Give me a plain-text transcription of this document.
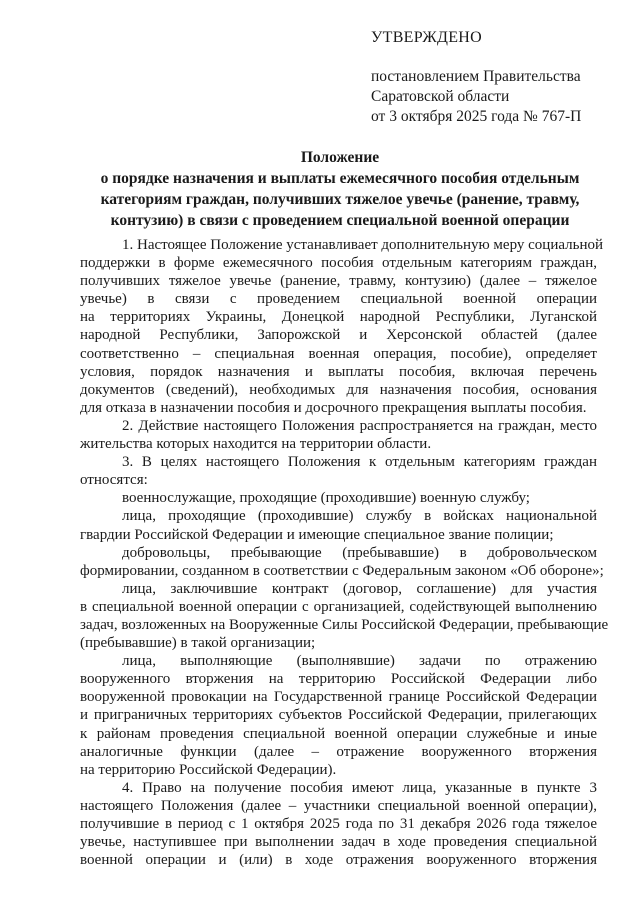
УТВЕРЖДЕНО
постановлением Правительства
Саратовской области
от 3 октября 2025 года № 767-П
Положение
о порядке назначения и выплаты ежемесячного пособия отдельным
категориям граждан, получивших тяжелое увечье (ранение, травму,
контузию) в связи с проведением специальной военной операции
1. Настоящее Положение устанавливает дополнительную меру социальной
поддержки в форме ежемесячного пособия отдельным категориям граждан,
получивших тяжелое увечье (ранение, травму, контузию) (далее – тяжелое
увечье) в связи с проведением специальной военной операции
на территориях Украины, Донецкой народной Республики, Луганской
народной Республики, Запорожской и Херсонской областей (далее
соответственно – специальная военная операция, пособие), определяет
условия, порядок назначения и выплаты пособия, включая перечень
документов (сведений), необходимых для назначения пособия, основания
для отказа в назначении пособия и досрочного прекращения выплаты пособия.
2. Действие настоящего Положения распространяется на граждан, место
жительства которых находится на территории области.
3. В целях настоящего Положения к отдельным категориям граждан
относятся:
военнослужащие, проходящие (проходившие) военную службу;
лица, проходящие (проходившие) службу в войсках национальной
гвардии Российской Федерации и имеющие специальное звание полиции;
добровольцы, пребывающие (пребывавшие) в добровольческом
формировании, созданном в соответствии с Федеральным законом «Об обороне»;
лица, заключившие контракт (договор, соглашение) для участия
в специальной военной операции с организацией, содействующей выполнению
задач, возложенных на Вооруженные Силы Российской Федерации, пребывающие
(пребывавшие) в такой организации;
лица, выполняющие (выполнявшие) задачи по отражению
вооруженного вторжения на территорию Российской Федерации либо
вооруженной провокации на Государственной границе Российской Федерации
и приграничных территориях субъектов Российской Федерации, прилегающих
к районам проведения специальной военной операции служебные и иные
аналогичные функции (далее – отражение вооруженного вторжения
на территорию Российской Федерации).
4. Право на получение пособия имеют лица, указанные в пункте 3
настоящего Положения (далее – участники специальной военной операции),
получившие в период с 1 октября 2025 года по 31 декабря 2026 года тяжелое
увечье, наступившее при выполнении задач в ходе проведения специальной
военной операции и (или) в ходе отражения вооруженного вторжения
